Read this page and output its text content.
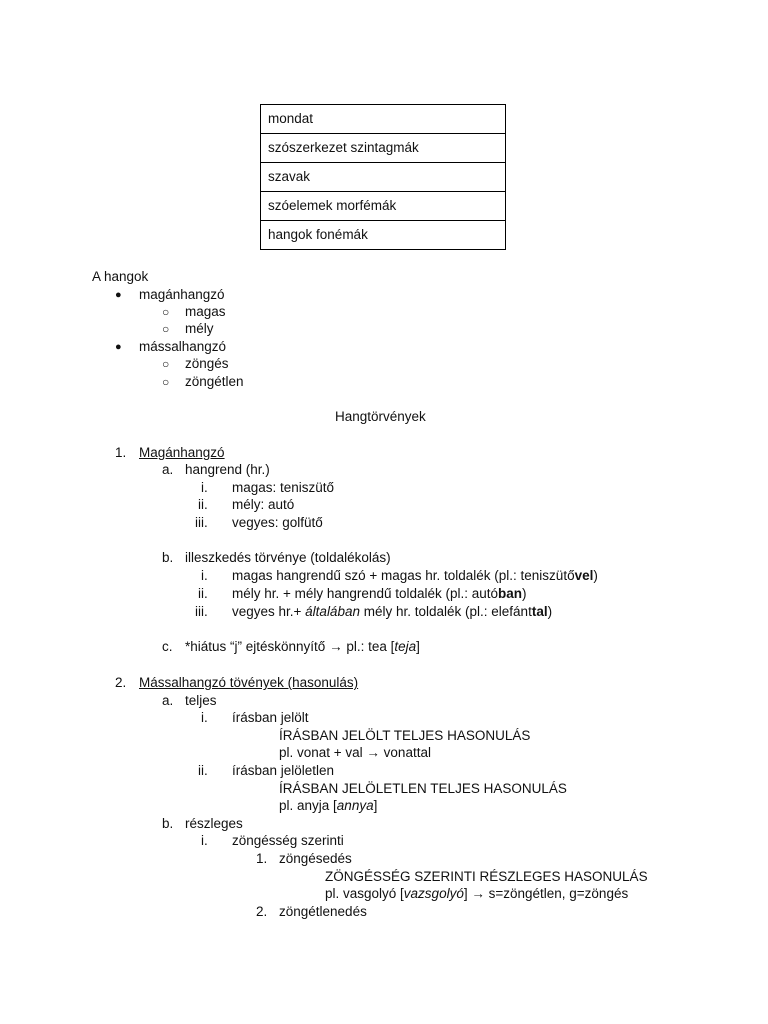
mondat
szószerkezet szintagmák
szavak
szóelemek morfémák
hangok fonémák
A hangok
● magánhangzó
○ magas
○ mély
● mássalhangzó
○ zöngés
○ zöngétlen
Hangtörvények
1. Magánhangzó
a. hangrend (hr.)
i. magas: teniszütő
ii. mély: autó
iii. vegyes: golfütő
b. illeszkedés törvénye (toldalékolás)
i. magas hangrendű szó + magas hr. toldalék (pl.: teniszütővel)
ii. mély hr. + mély hangrendű toldalék (pl.: autóban)
iii. vegyes hr.+ általában mély hr. toldalék (pl.: elefánttal)
c. *hiátus “j” ejtéskönnyítő → pl.: tea [teja]
2. Mássalhangzó tövények (hasonulás)
a. teljes
i. írásban jelölt
ÍRÁSBAN JELÖLT TELJES HASONULÁS
pl. vonat + val → vonattal
ii. írásban jelöletlen
ÍRÁSBAN JELÖLETLEN TELJES HASONULÁS
pl. anyja [annya]
b. részleges
i. zöngésség szerinti
1. zöngésedés
ZÖNGÉSSÉG SZERINTI RÉSZLEGES HASONULÁS
pl. vasgolyó [vazsgolyó] → s=zöngétlen, g=zöngés
2. zöngétlenedés
